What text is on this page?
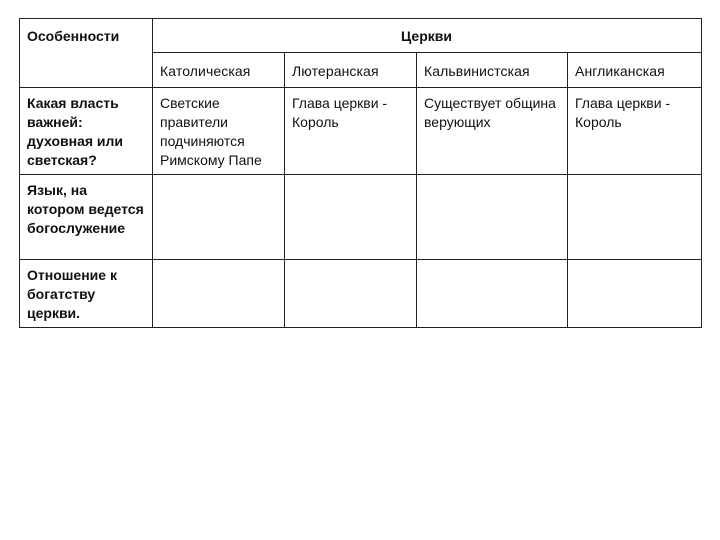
Особенности	Церкви			
	Католическая	Лютеранская	Кальвинистская	Англиканская
Какая власть важней: духовная или светская?	Светские правители подчиняются Римскому Папе	Глава церкви - Король	Существует община верующих	Глава церкви - Король
Язык, на котором ведется богослужение				
Отношение к богатству церкви.				
